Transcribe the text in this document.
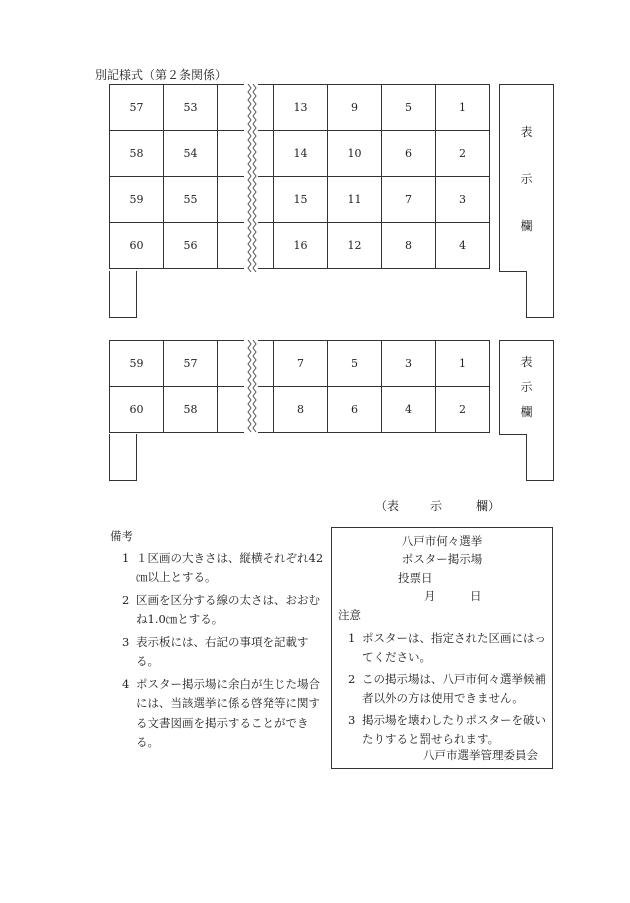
別記様式（第２条関係）
57	53			13	9	5	1
58	54			14	10	6	2
59	55			15	11	7	3
60	56			16	12	8	4
表
示
欄
59	57			7	5	3	1
60	58			8	6	4	2
表
示
欄
（表	示	欄）
備考
1 １区画の大きさは、縦横それぞれ42㎝以上とする。
2 区画を区分する線の太さは、おおむね1.0㎝とする。
3 表示板には、右記の事項を記載する。
4 ポスター掲示場に余白が生じた場合には、当該選挙に係る啓発等に関する文書図画を掲示することができる。
八戸市何々選挙
ポスター掲示場
投票日
月	日
注意
1 ポスターは、指定された区画にはってください。
2 この掲示場は、八戸市何々選挙候補者以外の方は使用できません。
3 掲示場を壊わしたりポスターを破いたりすると罰せられます。
八戸市選挙管理委員会
